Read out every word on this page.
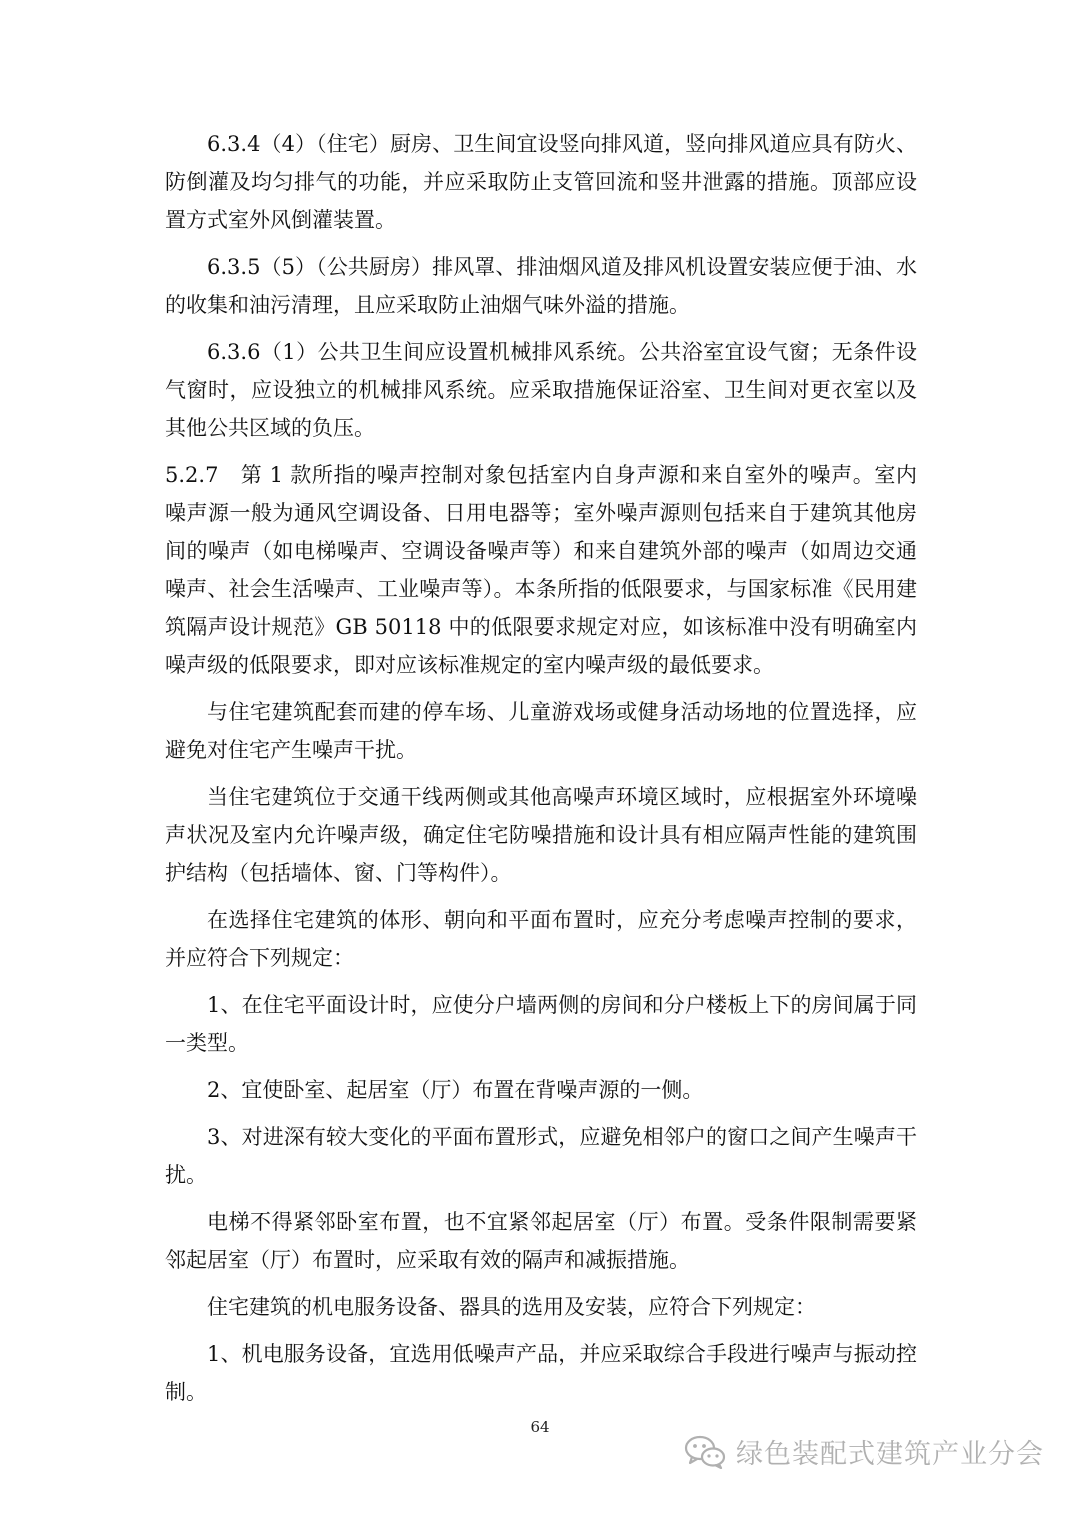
6.3.4（4）（住宅）厨房、卫生间宜设竖向排风道，竖向排风道应具有防火、防倒灌及均匀排气的功能，并应采取防止支管回流和竖井泄露的措施。顶部应设置方式室外风倒灌装置。

6.3.5（5）（公共厨房）排风罩、排油烟风道及排风机设置安装应便于油、水的收集和油污清理，且应采取防止油烟气味外溢的措施。

6.3.6（1）公共卫生间应设置机械排风系统。公共浴室宜设气窗；无条件设气窗时，应设独立的机械排风系统。应采取措施保证浴室、卫生间对更衣室以及其他公共区域的负压。

5.2.7　第 1 款所指的噪声控制对象包括室内自身声源和来自室外的噪声。室内噪声源一般为通风空调设备、日用电器等；室外噪声源则包括来自于建筑其他房间的噪声（如电梯噪声、空调设备噪声等）和来自建筑外部的噪声（如周边交通噪声、社会生活噪声、工业噪声等）。本条所指的低限要求，与国家标准《民用建筑隔声设计规范》GB 50118 中的低限要求规定对应，如该标准中没有明确室内噪声级的低限要求，即对应该标准规定的室内噪声级的最低要求。

与住宅建筑配套而建的停车场、儿童游戏场或健身活动场地的位置选择，应避免对住宅产生噪声干扰。

当住宅建筑位于交通干线两侧或其他高噪声环境区域时，应根据室外环境噪声状况及室内允许噪声级，确定住宅防噪措施和设计具有相应隔声性能的建筑围护结构（包括墙体、窗、门等构件）。

在选择住宅建筑的体形、朝向和平面布置时，应充分考虑噪声控制的要求，并应符合下列规定：

1、在住宅平面设计时，应使分户墙两侧的房间和分户楼板上下的房间属于同一类型。

2、宜使卧室、起居室（厅）布置在背噪声源的一侧。

3、对进深有较大变化的平面布置形式，应避免相邻户的窗口之间产生噪声干扰。

电梯不得紧邻卧室布置，也不宜紧邻起居室（厅）布置。受条件限制需要紧邻起居室（厅）布置时，应采取有效的隔声和减振措施。

住宅建筑的机电服务设备、器具的选用及安装，应符合下列规定：

1、机电服务设备，宜选用低噪声产品，并应采取综合手段进行噪声与振动控制。

64
绿色装配式建筑产业分会
